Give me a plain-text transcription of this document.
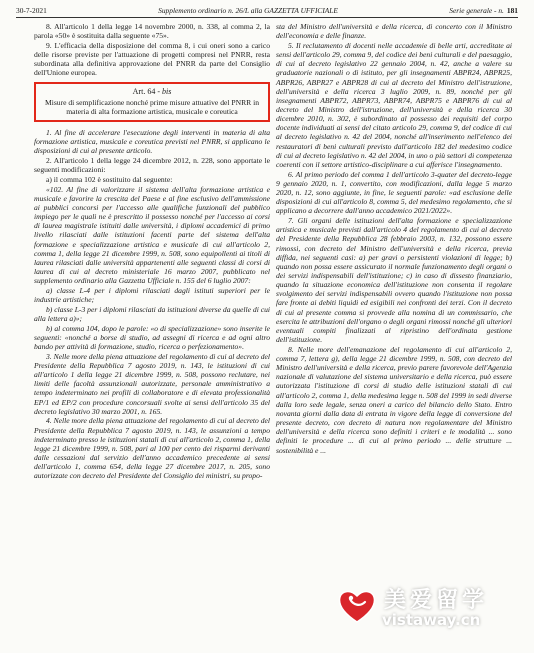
30-7-2021	Supplemento ordinario n. 26/L alla GAZZETTA UFFICIALE	Serie generale - n. 181

8. All'articolo 1 della legge 14 novembre 2000, n. 338, al comma 2, la parola «50» è sostituita dalla seguente «75».

9. L'efficacia della disposizione del comma 8, i cui oneri sono a carico delle risorse previste per l'attuazione di progetti compresi nel PNRR, resta subordinata alla definitiva approvazione del PNRR da parte del Consiglio dell'Unione europea.

Art. 64 - bis
Misure di semplificazione nonché prime misure attuative del PNRR in materia di alta formazione artistica, musicale e coreutica

1. Al fine di accelerare l'esecuzione degli interventi in materia di alta formazione artistica, musicale e coreutica previsti nel PNRR, si applicano le disposizioni di cui al presente articolo.

2. All'articolo 1 della legge 24 dicembre 2012, n. 228, sono apportate le seguenti modificazioni:

a) il comma 102 è sostituito dal seguente:

«102. Al fine di valorizzare il sistema dell'alta formazione artistica e musicale e favorire la crescita del Paese e al fine esclusivo dell'ammissione ai pubblici concorsi per l'accesso alle qualifiche funzionali del pubblico impiego per le quali ne è prescritto il possesso nonché per l'accesso ai corsi di laurea magistrale istituiti dalle università, i diplomi accademici di primo livello rilasciati dalle istituzioni facenti parte del sistema dell'alta formazione e specializzazione artistica e musicale di cui all'articolo 2, comma 1, della legge 21 dicembre 1999, n. 508, sono equipollenti ai titoli di laurea rilasciati dalle università appartenenti alle seguenti classi di corsi di laurea di cui al decreto ministeriale 16 marzo 2007, pubblicato nel supplemento ordinario alla Gazzetta Ufficiale n. 155 del 6 luglio 2007:

a) classe L-4 per i diplomi rilasciati dagli istituti superiori per le industrie artistiche;

b) classe L-3 per i diplomi rilasciati da istituzioni diverse da quelle di cui alla lettera a)»;

b) al comma 104, dopo le parole: «o di specializzazione» sono inserite le seguenti: «nonché a borse di studio, ad assegni di ricerca e ad ogni altro bando per attività di formazione, studio, ricerca o perfezionamento».

3. Nelle more della piena attuazione del regolamento di cui al decreto del Presidente della Repubblica 7 agosto 2019, n. 143, le istituzioni di cui all'articolo 1 della legge 21 dicembre 1999, n. 508, possono reclutare, nei limiti delle facoltà assunzionali autorizzate, personale amministrativo a tempo indeterminato nei profili di collaboratore e di elevata professionalità EP/1 ed EP/2 con procedure concorsuali svolte ai sensi dell'articolo 35 del decreto legislativo 30 marzo 2001, n. 165.

4. Nelle more della piena attuazione del regolamento di cui al decreto del Presidente della Repubblica 7 agosto 2019, n. 143, le assunzioni a tempo indeterminato presso le istituzioni statali di cui all'articolo 2, comma 1, della legge 21 dicembre 1999, n. 508, pari al 100 per cento dei risparmi derivanti dalle cessazioni dal servizio dell'anno accademico precedente ai sensi dell'articolo 1, comma 654, della legge 27 dicembre 2017, n. 205, sono autorizzate con decreto del Presidente del Consiglio dei ministri, su propo-

sta del Ministro dell'università e della ricerca, di concerto con il Ministro dell'economia e delle finanze.

5. Il reclutamento di docenti nelle accademie di belle arti, accreditate ai sensi dell'articolo 29, comma 9, del codice dei beni culturali e del paesaggio, di cui al decreto legislativo 22 gennaio 2004, n. 42, anche a valere su graduatorie nazionali o di istituto, per gli insegnamenti ABPR24, ABPR25, ABPR26, ABPR27 e ABPR28 di cui al decreto del Ministro dell'istruzione, dell'università e della ricerca 3 luglio 2009, n. 89, nonché per gli insegnamenti ABPR72, ABPR73, ABPR74, ABPR75 e ABPR76 di cui al decreto del Ministro dell'istruzione, dell'università e della ricerca 30 dicembre 2010, n. 302, è subordinato al possesso dei requisiti del corpo docente individuati ai sensi del citato articolo 29, comma 9, del codice di cui al decreto legislativo n. 42 del 2004, nonché all'inserimento nell'elenco dei restauratori di beni culturali previsto dall'articolo 182 del medesimo codice di cui al decreto legislativo n. 42 del 2004, in uno o più settori di competenza coerenti con il settore artistico-disciplinare a cui afferisce l'insegnamento.

6. Al primo periodo del comma 1 dell'articolo 3-quater del decreto-legge 9 gennaio 2020, n. 1, convertito, con modificazioni, dalla legge 5 marzo 2020, n. 12, sono aggiunte, in fine, le seguenti parole: «ad esclusione delle disposizioni di cui all'articolo 8, comma 5, del medesimo regolamento, che si applicano a decorrere dall'anno accademico 2021/2022».

7. Gli organi delle istituzioni dell'alta formazione e specializzazione artistica e musicale previsti dall'articolo 4 del regolamento di cui al decreto del Presidente della Repubblica 28 febbraio 2003, n. 132, possono essere rimossi, con decreto del Ministro dell'università e della ricerca, previa diffida, nei seguenti casi: a) per gravi o persistenti violazioni di legge; b) quando non possa essere assicurato il normale funzionamento degli organi o dei servizi indispensabili dell'istituzione; c) in caso di dissesto finanziario, quando la situazione economica dell'istituzione non consenta il regolare svolgimento dei servizi indispensabili ovvero quando l'istituzione non possa fare fronte ai debiti liquidi ed esigibili nei confronti dei terzi. Con il decreto di cui al presente comma si provvede alla nomina di un commissario, che esercita le attribuzioni dell'organo o degli organi rimossi nonché gli ulteriori eventuali compiti finalizzati al ripristino dell'ordinata gestione dell'istituzione.

8. Nelle more dell'emanazione del regolamento di cui all'articolo 2, comma 7, lettera g), della legge 21 dicembre 1999, n. 508, con decreto del Ministro dell'università e della ricerca, previo parere favorevole dell'Agenzia nazionale di valutazione del sistema universitario e della ricerca, può essere autorizzata l'istituzione di corsi di studio delle istituzioni statali di cui all'articolo 2, comma 1, della medesima legge n. 508 del 1999 in sedi diverse dalla loro sede legale, senza oneri a carico del bilancio dello Stato. Entro novanta giorni dalla data di entrata in vigore della legge di conversione del presente decreto, con decreto di natura non regolamentare del Ministro dell'università e della ricerca sono definiti i criteri e le modalità ... sono definiti le procedure ... di cui al primo periodo ... delle strutture ... sostenibilità e ...

美爱留学
vistaway.cn
